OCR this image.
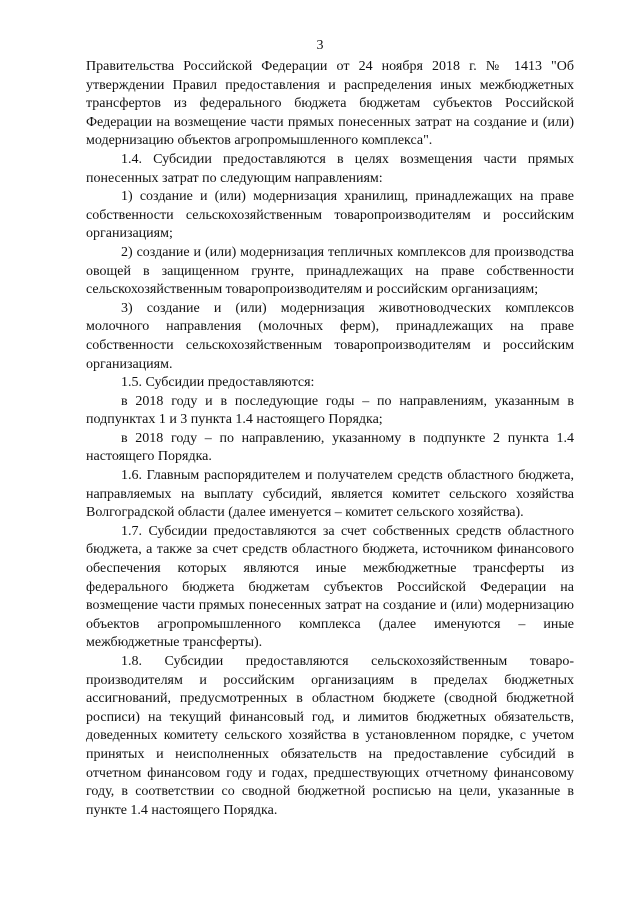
3

Правительства Российской Федерации от 24 ноября 2018 г. № 1413 "Об утверждении Правил предоставления и распределения иных межбюджетных трансфертов из федерального бюджета бюджетам субъектов Российской Федерации на возмещение части прямых понесенных затрат на создание и (или) модернизацию объектов агропромышленного комплекса".

1.4. Субсидии предоставляются в целях возмещения части прямых понесенных затрат по следующим направлениям:

1) создание и (или) модернизация хранилищ, принадлежащих на праве собственности сельскохозяйственным товаропроизводителям и российским организациям;

2) создание и (или) модернизация тепличных комплексов для производства овощей в защищенном грунте, принадлежащих на праве собственности сельскохозяйственным товаропроизводителям и российским организациям;

3) создание и (или) модернизация животноводческих комплексов молочного направления (молочных ферм), принадлежащих на праве собственности сельскохозяйственным товаропроизводителям и российским организациям.

1.5. Субсидии предоставляются:

в 2018 году и в последующие годы – по направлениям, указанным в подпунктах 1 и 3 пункта 1.4 настоящего Порядка;

в 2018 году – по направлению, указанному в подпункте 2 пункта 1.4 настоящего Порядка.

1.6. Главным распорядителем и получателем средств областного бюджета, направляемых на выплату субсидий, является комитет сельского хозяйства Волгоградской области (далее именуется – комитет сельского хозяйства).

1.7. Субсидии предоставляются за счет собственных средств областного бюджета, а также за счет средств областного бюджета, источником финансового обеспечения которых являются иные межбюджетные трансферты из федерального бюджета бюджетам субъектов Российской Федерации на возмещение части прямых понесенных затрат на создание и (или) модернизацию объектов агропромышленного комплекса (далее именуются – иные межбюджетные трансферты).

1.8. Субсидии предоставляются сельскохозяйственным товаро-производителям и российским организациям в пределах бюджетных ассигнований, предусмотренных в областном бюджете (сводной бюджетной росписи) на текущий финансовый год, и лимитов бюджетных обязательств, доведенных комитету сельского хозяйства в установленном порядке, с учетом принятых и неисполненных обязательств на предоставление субсидий в отчетном финансовом году и годах, предшествующих отчетному финансовому году, в соответствии со сводной бюджетной росписью на цели, указанные в пункте 1.4 настоящего Порядка.
